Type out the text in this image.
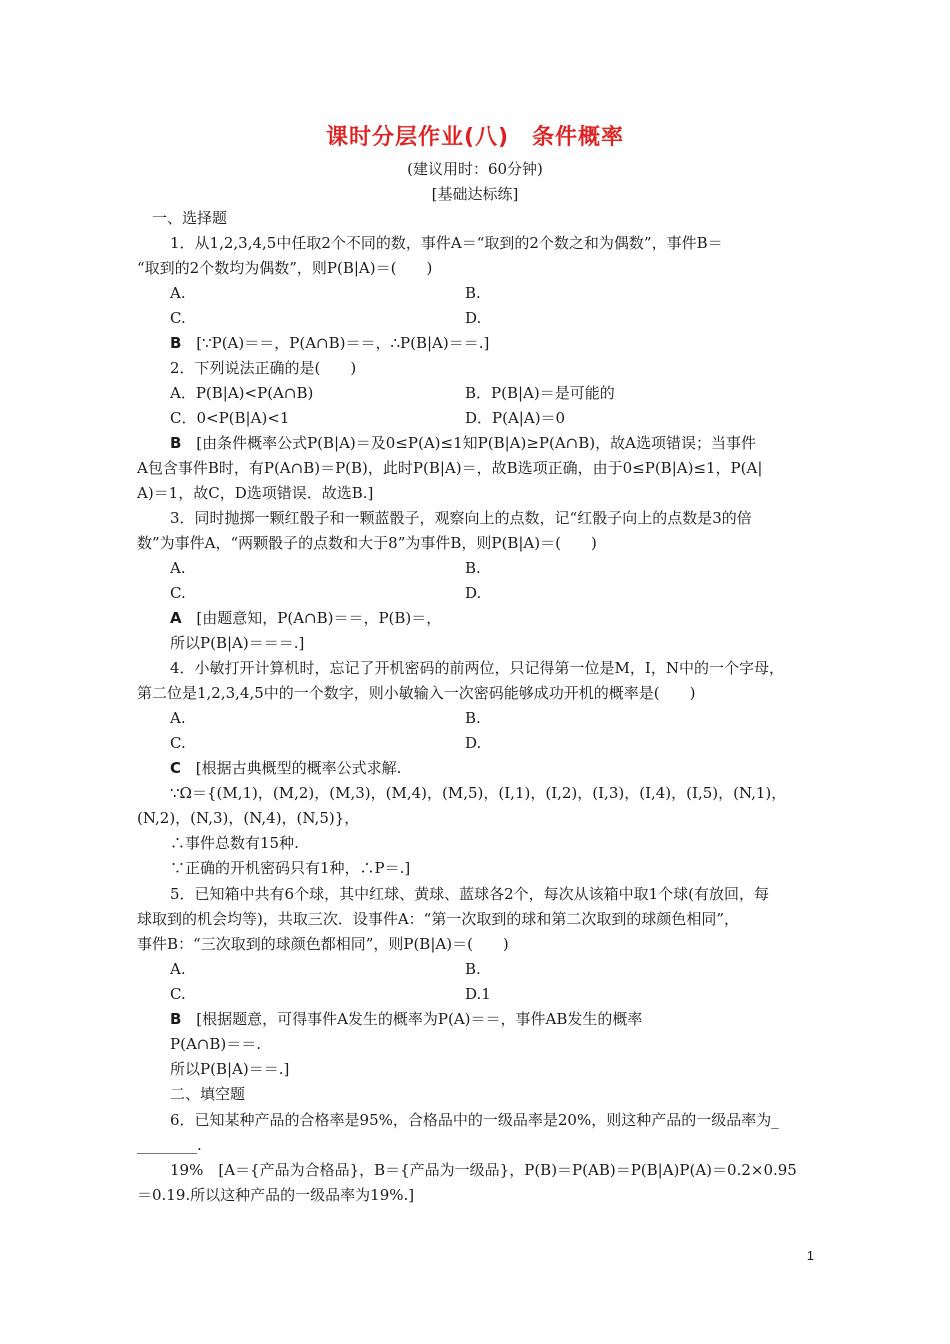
课时分层作业(八)　条件概率
(建议用时：60分钟)
[基础达标练]
一、选择题
1．从1,2,3,4,5中任取2个不同的数，事件A＝“取到的2个数之和为偶数”，事件B＝
“取到的2个数均为偶数”，则P(B|A)＝(　　)
A.	B.
C.	D.
B [∵P(A)＝＝，P(A∩B)＝＝，∴P(B|A)＝＝.]
2．下列说法正确的是(　　)
A．P(B|A)<P(A∩B)	B．P(B|A)＝是可能的
C．0<P(B|A)<1	D．P(A|A)＝0
B [由条件概率公式P(B|A)＝及0≤P(A)≤1知P(B|A)≥P(A∩B)，故A选项错误；当事件
A包含事件B时，有P(A∩B)＝P(B)，此时P(B|A)＝，故B选项正确，由于0≤P(B|A)≤1，P(A|
A)＝1，故C，D选项错误．故选B.]
3．同时抛掷一颗红骰子和一颗蓝骰子，观察向上的点数，记“红骰子向上的点数是3的倍
数”为事件A，“两颗骰子的点数和大于8”为事件B，则P(B|A)＝(　　)
A.	B.
C.	D.
A [由题意知，P(A∩B)＝＝，P(B)＝，
所以P(B|A)＝＝＝.]
4．小敏打开计算机时，忘记了开机密码的前两位，只记得第一位是M，I，N中的一个字母，
第二位是1,2,3,4,5中的一个数字，则小敏输入一次密码能够成功开机的概率是(　　)
A.	B.
C.	D.
C [根据古典概型的概率公式求解.
∵Ω＝{(M,1)，(M,2)，(M,3)，(M,4)，(M,5)，(I,1)，(I,2)，(I,3)，(I,4)，(I,5)，(N,1)，
(N,2)，(N,3)，(N,4)，(N,5)}，
∴事件总数有15种.
∵正确的开机密码只有1种，∴P＝.]
5．已知箱中共有6个球，其中红球、黄球、蓝球各2个，每次从该箱中取1个球(有放回，每
球取到的机会均等)，共取三次．设事件A：“第一次取到的球和第二次取到的球颜色相同”，
事件B：“三次取到的球颜色都相同”，则P(B|A)＝(　　)
A.	B.
C.	D.1
B [根据题意，可得事件A发生的概率为P(A)＝＝，事件AB发生的概率
P(A∩B)＝＝.
所以P(B|A)＝＝.]
二、填空题
6．已知某种产品的合格率是95%，合格品中的一级品率是20%，则这种产品的一级品率为_
________.
19%　[A＝{产品为合格品}，B＝{产品为一级品}，P(B)＝P(AB)＝P(B|A)P(A)＝0.2×0.95
＝0.19.所以这种产品的一级品率为19%.]
1
